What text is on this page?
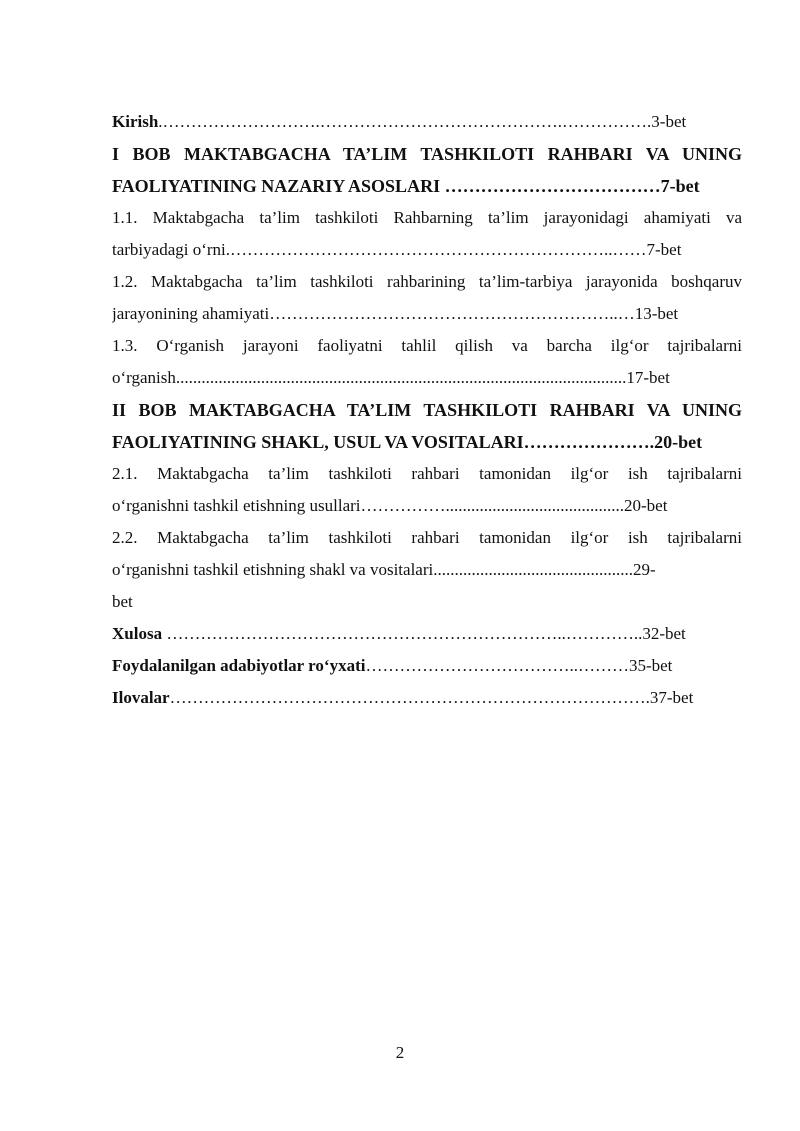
Kirish.……………………….…………………………………….…………….3-bet
I BOB MAKTABGACHA TA’LIM TASHKILOTI RAHBARI VA UNING
FAOLIYATINING NAZARIY ASOSLARI ………………………………7-bet
1.1. Maktabgacha ta’lim tashkiloti Rahbarning ta’lim jarayonidagi ahamiyati va
tarbiyadagi o‘rni.…………………………………………………………..……7-bet
1.2. Maktabgacha ta’lim tashkiloti rahbarining ta’lim-tarbiya jarayonida boshqaruv
jarayonining ahamiyati……………………………………………………..…13-bet
1.3. O‘rganish jarayoni faoliyatni tahlil qilish va barcha ilg‘or tajribalarni
o‘rganish..........................................................................................................17-bet
II BOB MAKTABGACHA TA’LIM TASHKILOTI RAHBARI VA UNING
FAOLIYATINING SHAKL, USUL VA VOSITALARI………………….20-bet
2.1. Maktabgacha ta’lim tashkiloti rahbari tamonidan ilg‘or ish tajribalarni
o‘rganishni tashkil etishning usullari……………..........................................20-bet
2.2. Maktabgacha ta’lim tashkiloti rahbari tamonidan ilg‘or ish tajribalarni
o‘rganishni tashkil etishning shakl va vositalari...............................................29-
bet
Xulosa ……………………………………………………………..…………..32-bet
Foydalanilgan adabiyotlar ro‘yxati………………………………..………35-bet
Ilovalar………………………………………………………………………….37-bet
2
